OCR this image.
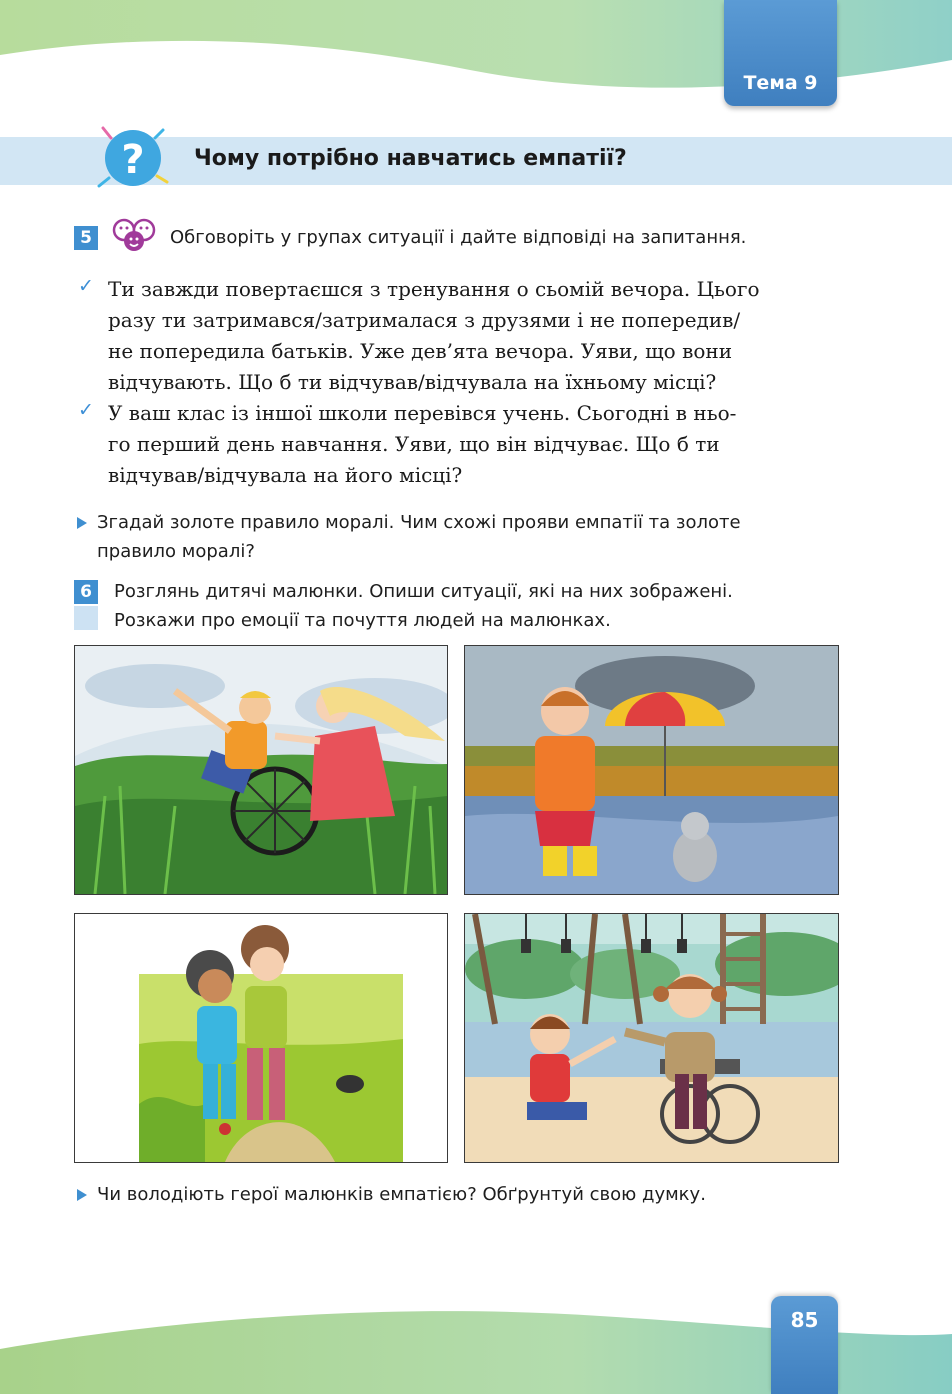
Тема 9
? Чому потрібно навчатись емпатії?
5	Обговоріть у групах ситуації і дайте відповіді на запитання.
✓ Ти завжди повертаєшся з тренування о сьомій вечора. Цього
разу ти затримався/затрималася з друзями і не попередив/
не попередила батьків. Уже дев’ята вечора. Уяви, що вони
відчувають. Що б ти відчував/відчувала на їхньому місці?
✓ У ваш клас із іншої школи перевівся учень. Сьогодні в ньо-
го перший день навчання. Уяви, що він відчуває. Що б ти
відчував/відчувала на його місці?
Згадай золоте правило моралі. Чим схожі прояви емпатії та золоте
правило моралі?
6	Розглянь дитячі малюнки. Опиши ситуації, які на них зображені.
Розкажи про емоції та почуття людей на малюнках.
Чи володіють герої малюнків емпатією? Обґрунтуй свою думку.
85
